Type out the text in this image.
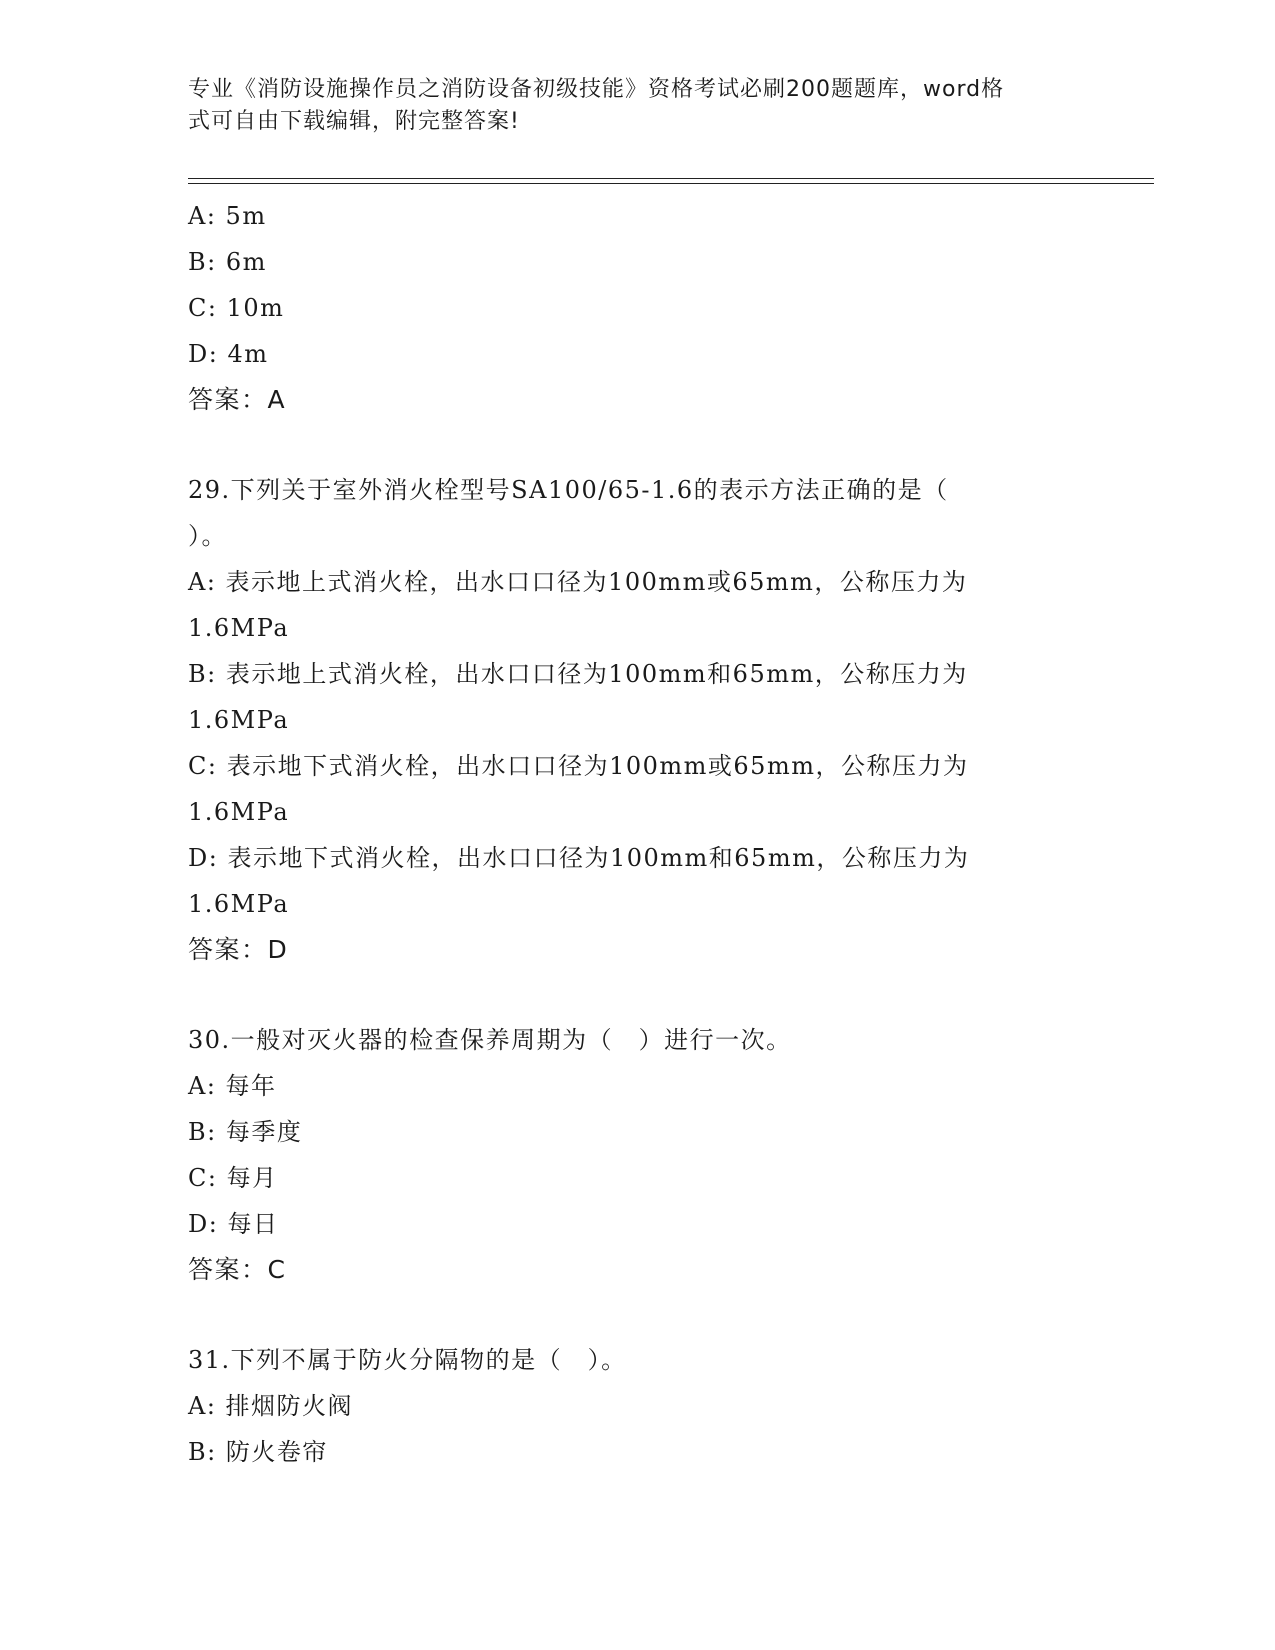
专业《消防设施操作员之消防设备初级技能》资格考试必刷200题题库，word格
式可自由下载编辑，附完整答案!
A: 5m
B: 6m
C: 10m
D: 4m
答案：A
29.下列关于室外消火栓型号SA100/65-1.6的表示方法正确的是（
）。
A: 表示地上式消火栓，出水口口径为100mm或65mm，公称压力为
1.6MPa
B: 表示地上式消火栓，出水口口径为100mm和65mm，公称压力为
1.6MPa
C: 表示地下式消火栓，出水口口径为100mm或65mm，公称压力为
1.6MPa
D: 表示地下式消火栓，出水口口径为100mm和65mm，公称压力为
1.6MPa
答案：D
30.一般对灭火器的检查保养周期为（　）进行一次。
A: 每年
B: 每季度
C: 每月
D: 每日
答案：C
31.下列不属于防火分隔物的是（　）。
A: 排烟防火阀
B: 防火卷帘
